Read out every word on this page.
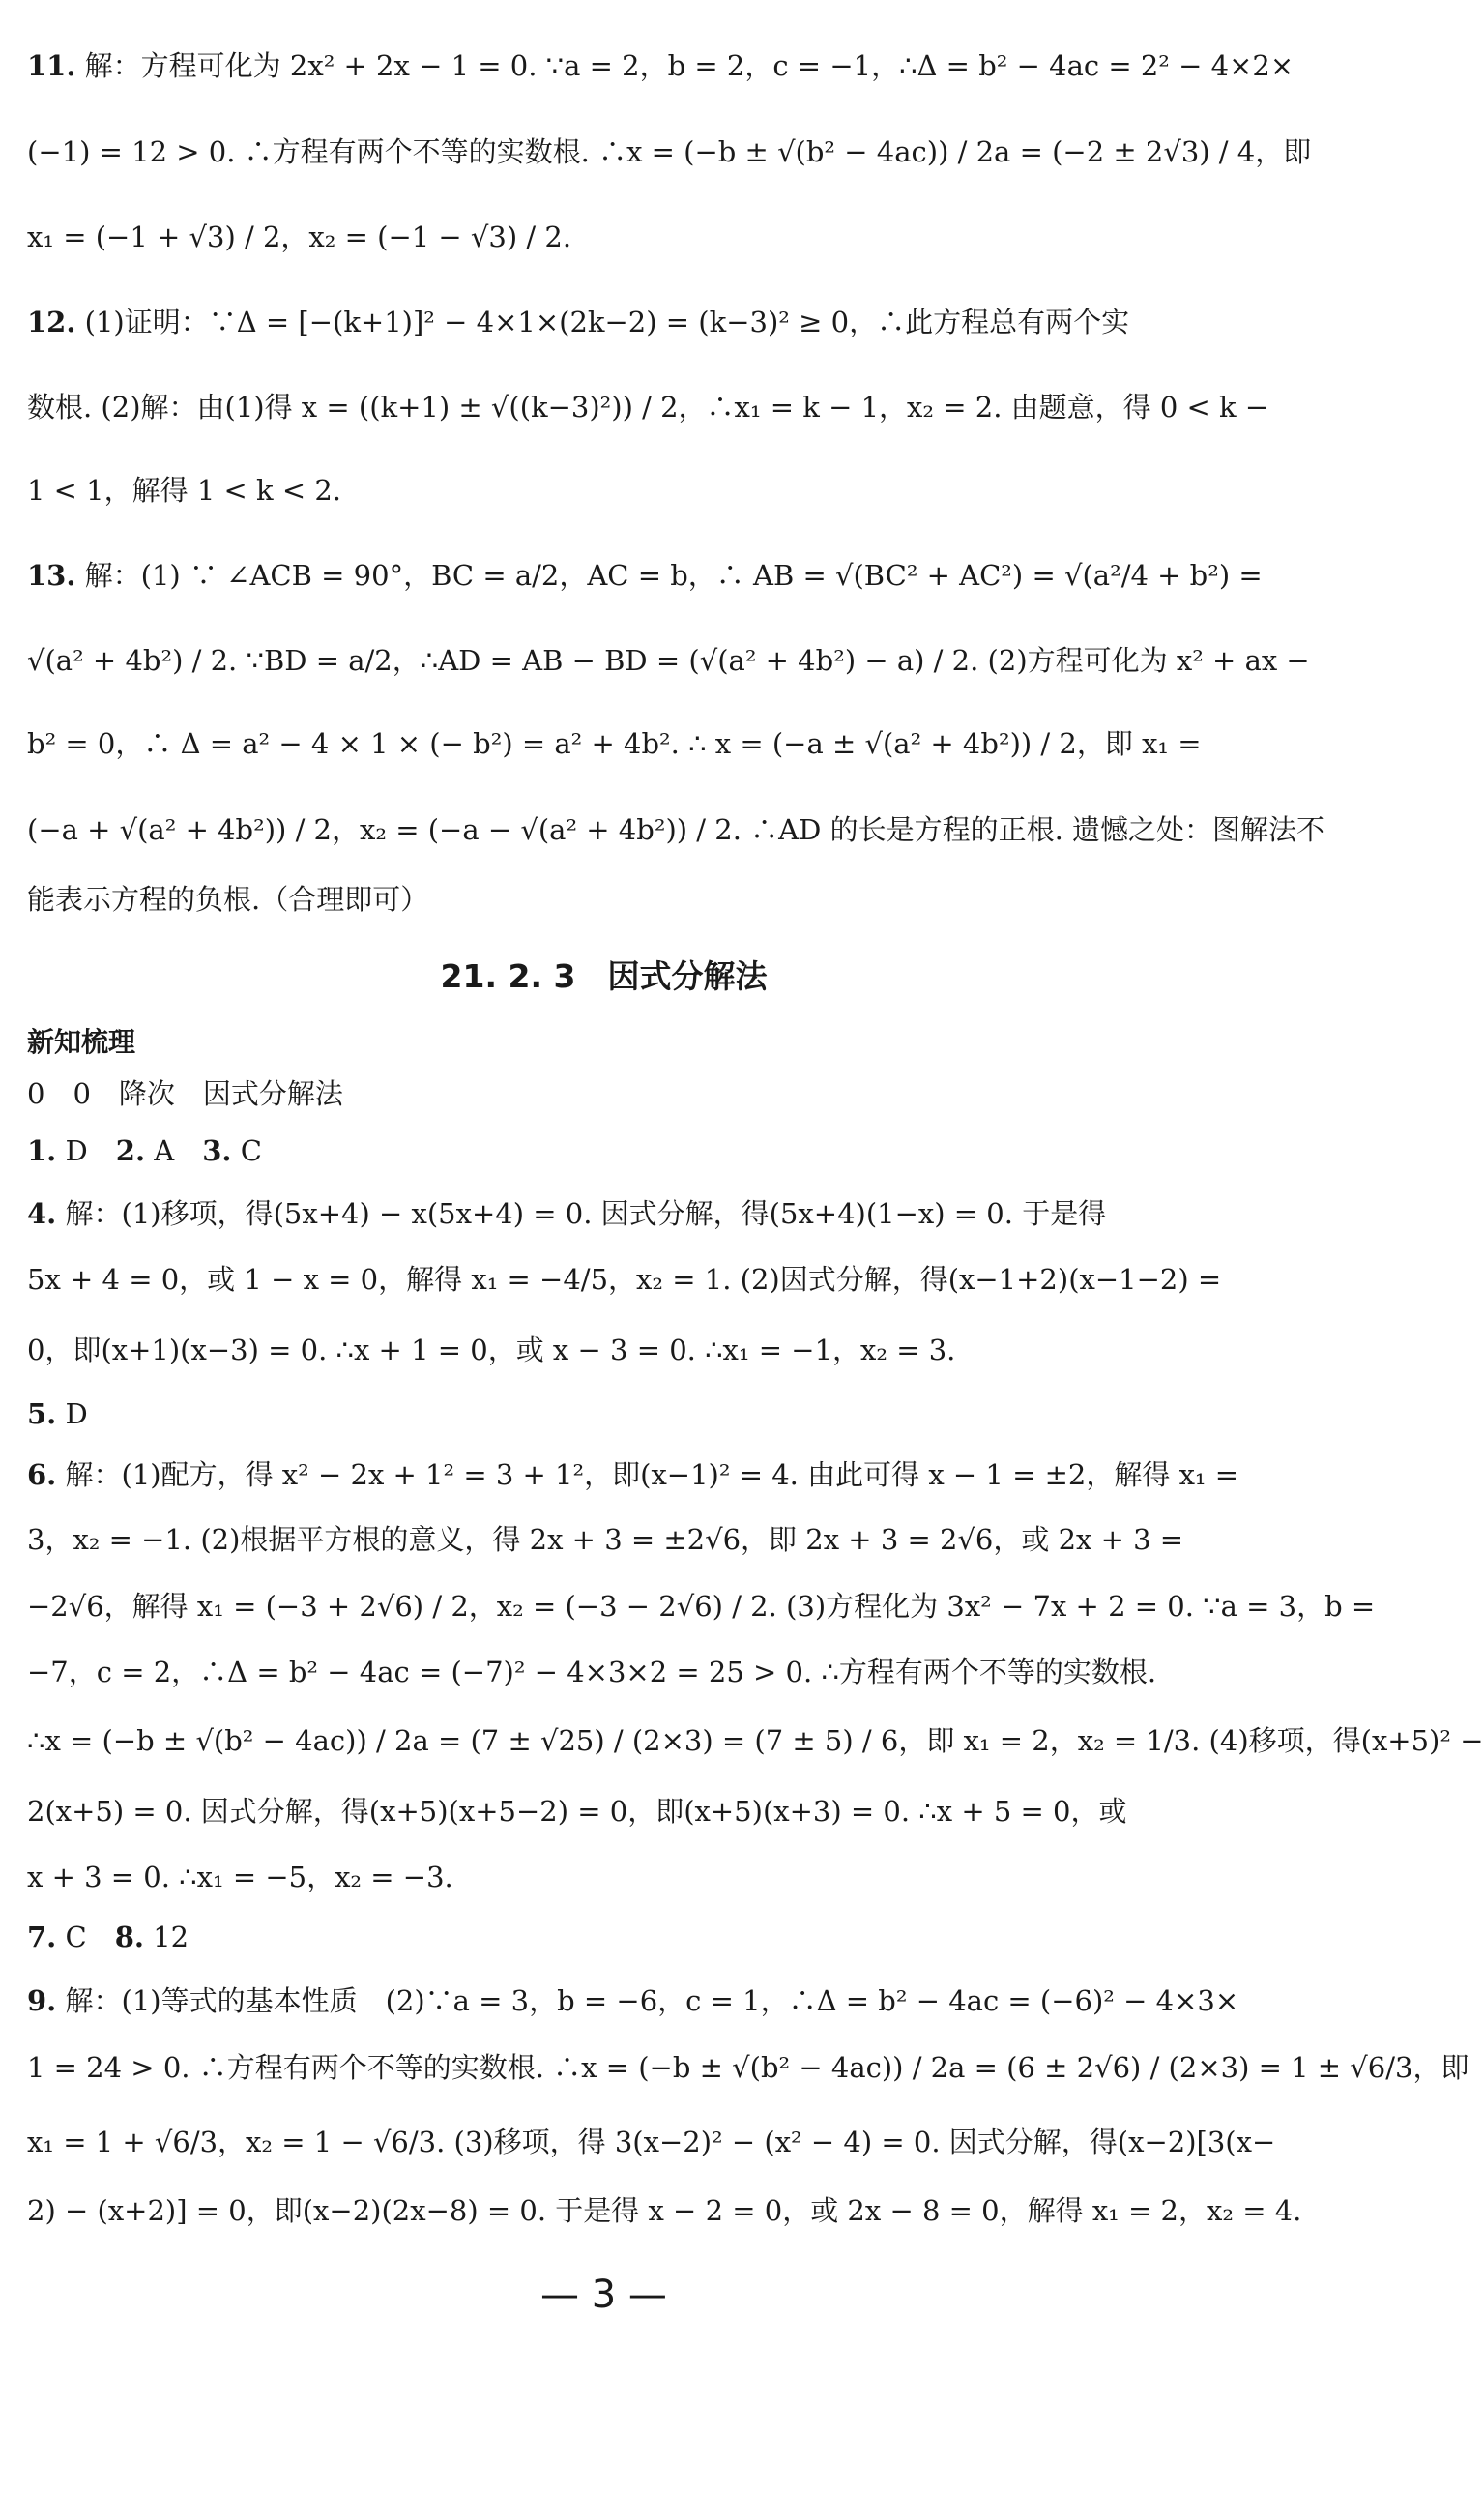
11. 解：方程可化为 2x² + 2x − 1 = 0. ∵a = 2，b = 2，c = −1，∴Δ = b² − 4ac = 2² − 4×2×
(−1) = 12 > 0. ∴方程有两个不等的实数根. ∴x = (−b ± √(b² − 4ac)) / 2a = (−2 ± 2√3) / 4，即
x₁ = (−1 + √3) / 2，x₂ = (−1 − √3) / 2.
12. (1)证明：∵Δ = [−(k+1)]² − 4×1×(2k−2) = (k−3)² ≥ 0，∴此方程总有两个实
数根. (2)解：由(1)得 x = ((k+1) ± √((k−3)²)) / 2，∴x₁ = k − 1，x₂ = 2. 由题意，得 0 < k −
1 < 1，解得 1 < k < 2.
13. 解：(1) ∵ ∠ACB = 90°，BC = a/2，AC = b，∴ AB = √(BC² + AC²) = √(a²/4 + b²) =
√(a² + 4b²) / 2. ∵BD = a/2，∴AD = AB − BD = (√(a² + 4b²) − a) / 2. (2)方程可化为 x² + ax −
b² = 0，∴ Δ = a² − 4 × 1 × (− b²) = a² + 4b². ∴ x = (−a ± √(a² + 4b²)) / 2，即 x₁ =
(−a + √(a² + 4b²)) / 2，x₂ = (−a − √(a² + 4b²)) / 2. ∴AD 的长是方程的正根. 遗憾之处：图解法不
能表示方程的负根.（合理即可）
21. 2. 3　因式分解法
新知梳理
0　0　降次　因式分解法
1. D　2. A　3. C
4. 解：(1)移项，得(5x+4) − x(5x+4) = 0. 因式分解，得(5x+4)(1−x) = 0. 于是得
5x + 4 = 0，或 1 − x = 0，解得 x₁ = −4/5，x₂ = 1. (2)因式分解，得(x−1+2)(x−1−2) =
0，即(x+1)(x−3) = 0. ∴x + 1 = 0，或 x − 3 = 0. ∴x₁ = −1，x₂ = 3.
5. D
6. 解：(1)配方，得 x² − 2x + 1² = 3 + 1²，即(x−1)² = 4. 由此可得 x − 1 = ±2，解得 x₁ =
3，x₂ = −1. (2)根据平方根的意义，得 2x + 3 = ±2√6，即 2x + 3 = 2√6，或 2x + 3 =
−2√6，解得 x₁ = (−3 + 2√6) / 2，x₂ = (−3 − 2√6) / 2. (3)方程化为 3x² − 7x + 2 = 0. ∵a = 3，b =
−7，c = 2，∴Δ = b² − 4ac = (−7)² − 4×3×2 = 25 > 0. ∴方程有两个不等的实数根.
∴x = (−b ± √(b² − 4ac)) / 2a = (7 ± √25) / (2×3) = (7 ± 5) / 6，即 x₁ = 2，x₂ = 1/3. (4)移项，得(x+5)² −
2(x+5) = 0. 因式分解，得(x+5)(x+5−2) = 0，即(x+5)(x+3) = 0. ∴x + 5 = 0，或
x + 3 = 0. ∴x₁ = −5，x₂ = −3.
7. C　8. 12
9. 解：(1)等式的基本性质　(2)∵a = 3，b = −6，c = 1，∴Δ = b² − 4ac = (−6)² − 4×3×
1 = 24 > 0. ∴方程有两个不等的实数根. ∴x = (−b ± √(b² − 4ac)) / 2a = (6 ± 2√6) / (2×3) = 1 ± √6/3，即
x₁ = 1 + √6/3，x₂ = 1 − √6/3. (3)移项，得 3(x−2)² − (x² − 4) = 0. 因式分解，得(x−2)[3(x−
2) − (x+2)] = 0，即(x−2)(2x−8) = 0. 于是得 x − 2 = 0，或 2x − 8 = 0，解得 x₁ = 2，x₂ = 4.
— 3 —
